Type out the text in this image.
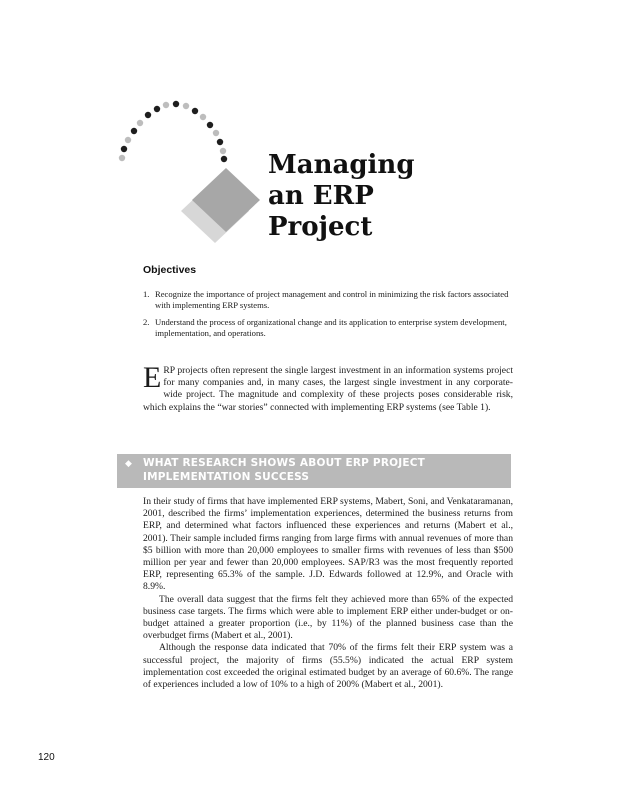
Managing
an ERP
Project
Objectives
1. Recognize the importance of project management and control in minimizing the risk factors associated with implementing ERP systems.
2. Understand the process of organizational change and its application to enterprise system development, implementation, and operations.
ERP projects often represent the single largest investment in an information systems project for many companies and, in many cases, the largest single investment in any corporate-wide project. The magnitude and complexity of these projects poses considerable risk, which explains the “war stories” connected with implementing ERP systems (see Table 1).
◆ WHAT RESEARCH SHOWS ABOUT ERP PROJECT IMPLEMENTATION SUCCESS

In their study of firms that have implemented ERP systems, Mabert, Soni, and Venkataramanan, 2001, described the firms’ implementation experiences, determined the business returns from ERP, and determined what factors influenced these experiences and returns (Mabert et al., 2001). Their sample included firms ranging from large firms with annual revenues of more than $5 billion with more than 20,000 employees to smaller firms with revenues of less than $500 million per year and fewer than 20,000 employees. SAP/R3 was the most frequently reported ERP, representing 65.3% of the sample. J.D. Edwards followed at 12.9%, and Oracle with 8.9%.

The overall data suggest that the firms felt they achieved more than 65% of the expected business case targets. The firms which were able to implement ERP either under-budget or on-budget attained a greater proportion (i.e., by 11%) of the planned business case than the overbudget firms (Mabert et al., 2001).

Although the response data indicated that 70% of the firms felt their ERP system was a successful project, the majority of firms (55.5%) indicated the actual ERP system implementation cost exceeded the original estimated budget by an average of 60.6%. The range of experiences included a low of 10% to a high of 200% (Mabert et al., 2001).

120
